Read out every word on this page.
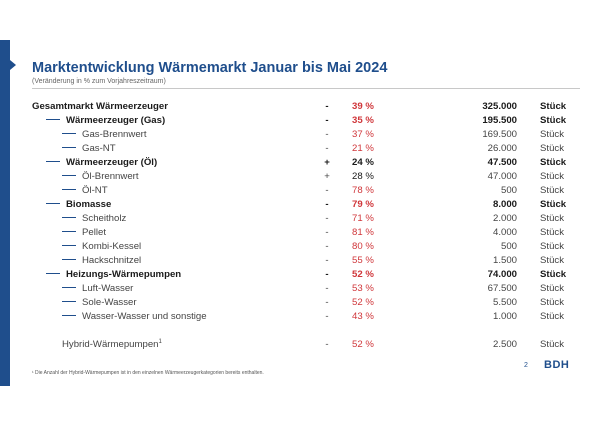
Marktentwicklung Wärmemarkt Januar bis Mai 2024
(Veränderung in % zum Vorjahreszeitraum)
Gesamtmarkt Wärmeerzeuger	-	39 %	325.000 Stück
Wärmeerzeuger (Gas)	-	35 %	195.500 Stück
Gas-Brennwert	-	37 %	169.500 Stück
Gas-NT	-	21 %	26.000 Stück
Wärmeerzeuger (Öl)	+ 24 %	47.500 Stück
Öl-Brennwert	+ 28 %	47.000 Stück
Öl-NT	-	78 %	500 Stück
Biomasse	-	79 %	8.000 Stück
Scheitholz	-	71 %	2.000 Stück
Pellet	-	81 %	4.000 Stück
Kombi-Kessel	-	80 %	500 Stück
Hackschnitzel	-	55 %	1.500 Stück
Heizungs-Wärmepumpen	-	52 %	74.000 Stück
Luft-Wasser	-	53 %	67.500 Stück
Sole-Wasser	-	52 %	5.500 Stück
Wasser-Wasser und sonstige	-	43 %	1.000 Stück
Hybrid-Wärmepumpen$^1$	-	52 %	2.500 Stück
¹ Die Anzahl der Hybrid-Wärmepumpen ist in den einzelnen Wärmeerzeugerkategorien bereits enthalten.
2 BDH
